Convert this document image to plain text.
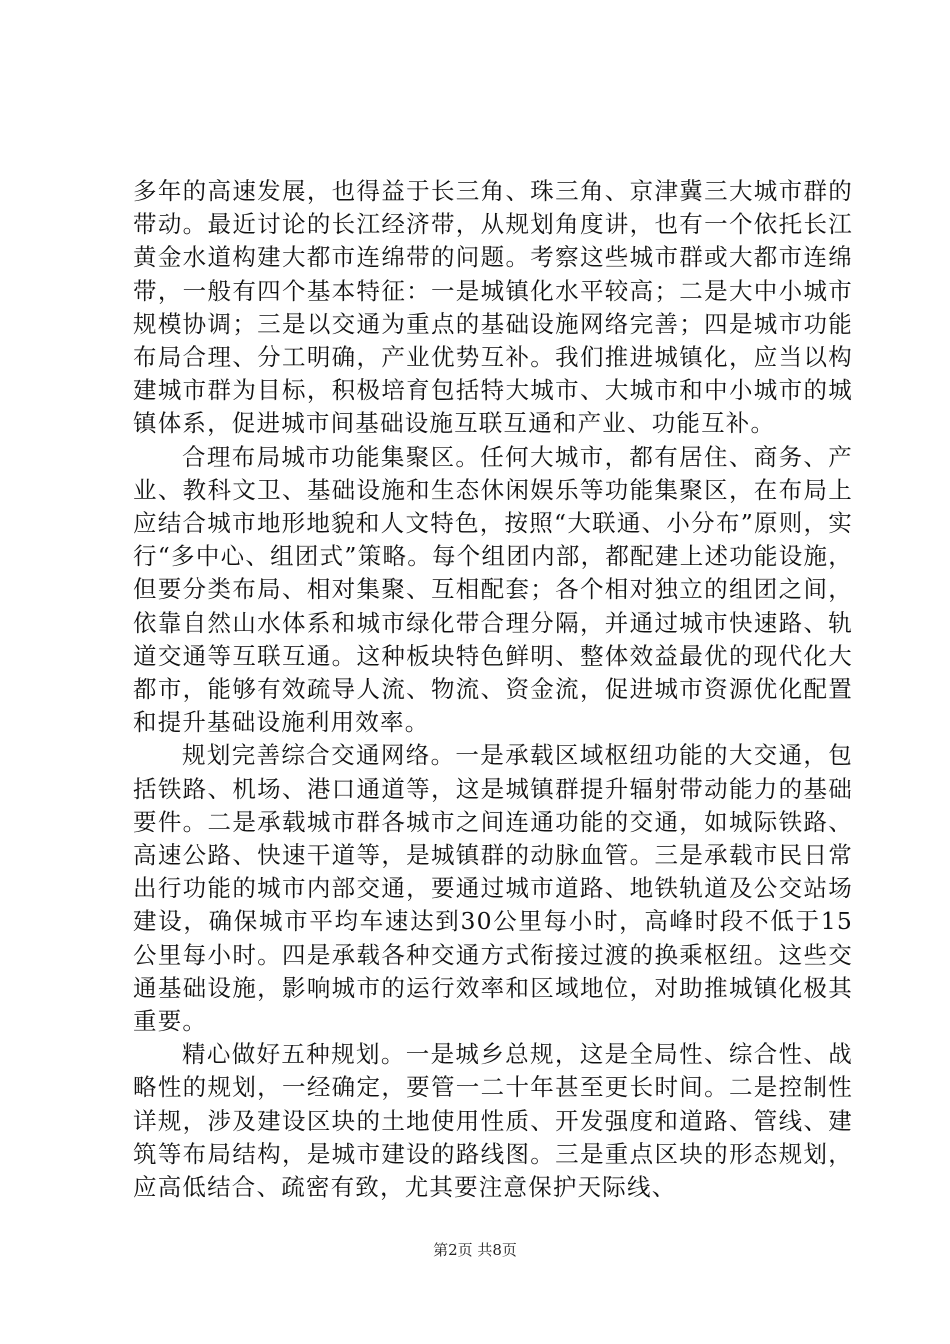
多年的高速发展，也得益于长三角、珠三角、京津冀三大城市群的带动。最近讨论的长江经济带，从规划角度讲，也有一个依托长江黄金水道构建大都市连绵带的问题。考察这些城市群或大都市连绵带，一般有四个基本特征：一是城镇化水平较高；二是大中小城市规模协调；三是以交通为重点的基础设施网络完善；四是城市功能布局合理、分工明确，产业优势互补。我们推进城镇化，应当以构建城市群为目标，积极培育包括特大城市、大城市和中小城市的城镇体系，促进城市间基础设施互联互通和产业、功能互补。

合理布局城市功能集聚区。任何大城市，都有居住、商务、产业、教科文卫、基础设施和生态休闲娱乐等功能集聚区，在布局上应结合城市地形地貌和人文特色，按照“大联通、小分布”原则，实行“多中心、组团式”策略。每个组团内部，都配建上述功能设施，但要分类布局、相对集聚、互相配套；各个相对独立的组团之间，依靠自然山水体系和城市绿化带合理分隔，并通过城市快速路、轨道交通等互联互通。这种板块特色鲜明、整体效益最优的现代化大都市，能够有效疏导人流、物流、资金流，促进城市资源优化配置和提升基础设施利用效率。

规划完善综合交通网络。一是承载区域枢纽功能的大交通，包括铁路、机场、港口通道等，这是城镇群提升辐射带动能力的基础要件。二是承载城市群各城市之间连通功能的交通，如城际铁路、高速公路、快速干道等，是城镇群的动脉血管。三是承载市民日常出行功能的城市内部交通，要通过城市道路、地铁轨道及公交站场建设，确保城市平均车速达到30公里每小时，高峰时段不低于15公里每小时。四是承载各种交通方式衔接过渡的换乘枢纽。这些交通基础设施，影响城市的运行效率和区域地位，对助推城镇化极其重要。

精心做好五种规划。一是城乡总规，这是全局性、综合性、战略性的规划，一经确定，要管一二十年甚至更长时间。二是控制性详规，涉及建设区块的土地使用性质、开发强度和道路、管线、建筑等布局结构，是城市建设的路线图。三是重点区块的形态规划，应高低结合、疏密有致，尤其要注意保护天际线、

第2页 共8页
